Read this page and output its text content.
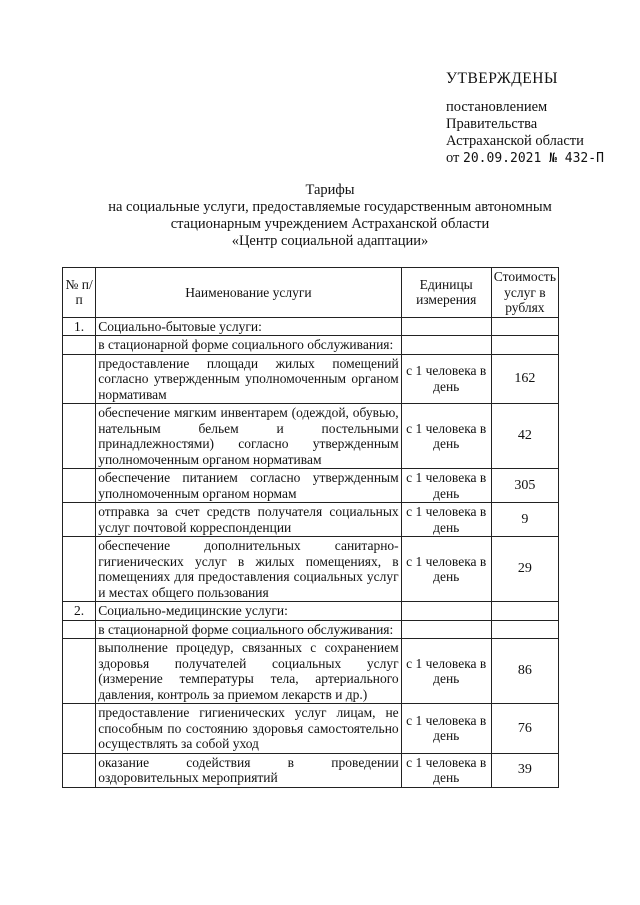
УТВЕРЖДЕНЫ
постановлением
Правительства
Астраханской области
от 20.09.2021 № 432-П
Тарифы
на социальные услуги, предоставляемые государственным автономным
стационарным учреждением Астраханской области
«Центр социальной адаптации»
№ п/п	Наименование услуги	Единицы измерения	Стоимость услуг в рублях
1.	Социально-бытовые услуги:		
	в стационарной форме социального обслуживания:		
	предоставление площади жилых помещений согласно утвержденным уполномоченным органом нормативам	с 1 человека в день	162
	обеспечение мягким инвентарем (одеждой, обувью, нательным бельем и постельными принадлежностями) согласно утвержденным уполномоченным органом нормативам	с 1 человека в день	42
	обеспечение питанием согласно утвержденным уполномоченным органом нормам	с 1 человека в день	305
	отправка за счет средств получателя социальных услуг почтовой корреспонденции	с 1 человека в день	9
	обеспечение дополнительных санитарно-гигиенических услуг в жилых помещениях, в помещениях для предоставления социальных услуг и местах общего пользования	с 1 человека в день	29
2.	Социально-медицинские услуги:		
	в стационарной форме социального обслуживания:		
	выполнение процедур, связанных с сохранением здоровья получателей социальных услуг (измерение температуры тела, артериального давления, контроль за приемом лекарств и др.)	с 1 человека в день	86
	предоставление гигиенических услуг лицам, не способным по состоянию здоровья самостоятельно осуществлять за собой уход	с 1 человека в день	76
	оказание содействия в проведении оздоровительных мероприятий	с 1 человека в день	39
